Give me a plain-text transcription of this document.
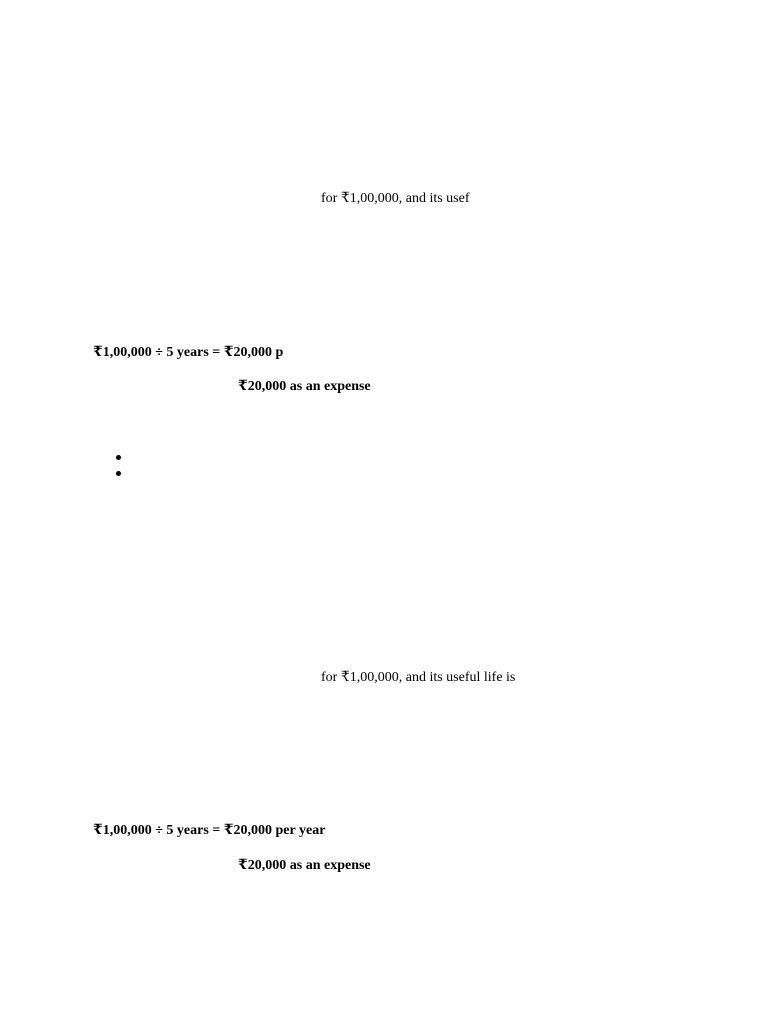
for ₹1,00,000, and its usef
₹1,00,000 ÷ 5 years = ₹20,000 p
₹20,000 as an expense
for ₹1,00,000, and its useful life is
₹1,00,000 ÷ 5 years = ₹20,000 per year
₹20,000 as an expense
